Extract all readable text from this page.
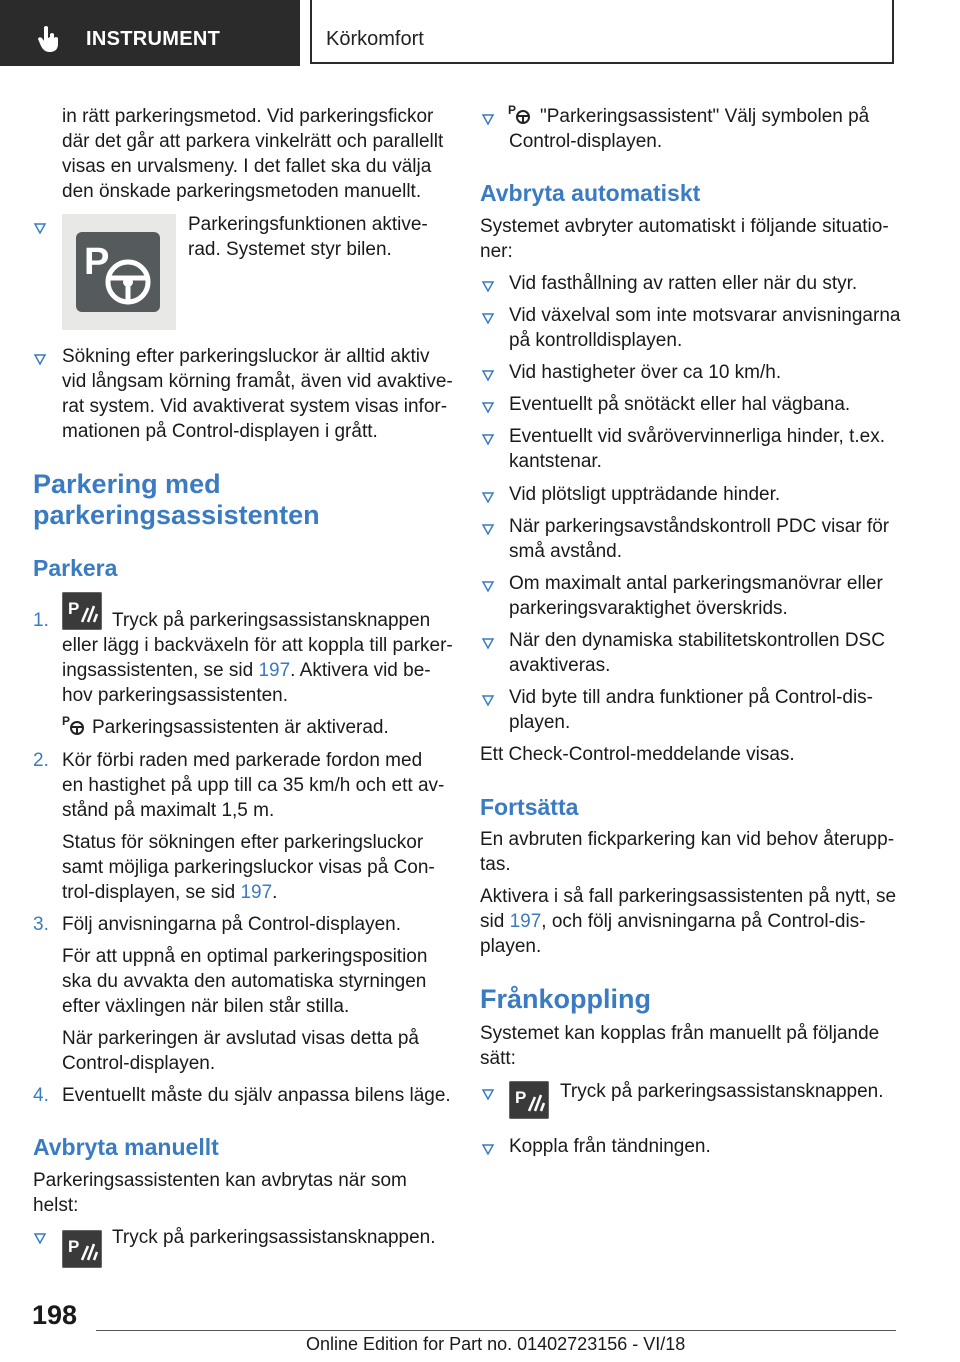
INSTRUMENT	Körkomfort
in rätt parkeringsmetod. Vid parkeringsfickor
där det går att parkera vinkelrätt och parallellt
visas en urvalsmeny. I det fallet ska du välja
den önskade parkeringsmetoden manuellt.
P
Parkeringsfunktionen aktive-
rad. Systemet styr bilen.
Sökning efter parkeringsluckor är alltid aktiv
vid långsam körning framåt, även vid avaktive-
rat system. Vid avaktiverat system visas infor-
mationen på Control-displayen i grått.
Parkering med
parkeringsassistenten
Parkera
1.
P
Tryck på parkeringsassistansknappen
eller lägg i backväxeln för att koppla till parker-
ingsassistenten, se sid 197. Aktivera vid be-
hov parkeringsassistenten.
P Parkeringsassistenten är aktiverad.
2. Kör förbi raden med parkerade fordon med
en hastighet på upp till ca 35 km/h och ett av-
stånd på maximalt 1,5 m.
Status för sökningen efter parkeringsluckor
samt möjliga parkeringsluckor visas på Con-
trol-displayen, se sid 197.
3. Följ anvisningarna på Control-displayen.
För att uppnå en optimal parkeringsposition
ska du avvakta den automatiska styrningen
efter växlingen när bilen står stilla.
När parkeringen är avslutad visas detta på
Control-displayen.
4. Eventuellt måste du själv anpassa bilens läge.
Avbryta manuellt
Parkeringsassistenten kan avbrytas när som
helst:
P Tryck på parkeringsassistansknappen.
P "Parkeringsassistent" Välj symbolen på
Control-displayen.
Avbryta automatiskt
Systemet avbryter automatiskt i följande situatio-
ner:
Vid fasthållning av ratten eller när du styr.
Vid växelval som inte motsvarar anvisningarna
på kontrolldisplayen.
Vid hastigheter över ca 10 km/h.
Eventuellt på snötäckt eller hal vägbana.
Eventuellt vid svårövervinnerliga hinder, t.ex.
kantstenar.
Vid plötsligt uppträdande hinder.
När parkeringsavståndskontroll PDC visar för
små avstånd.
Om maximalt antal parkeringsmanövrar eller
parkeringsvaraktighet överskrids.
När den dynamiska stabilitetskontrollen DSC
avaktiveras.
Vid byte till andra funktioner på Control-dis-
playen.
Ett Check-Control-meddelande visas.
Fortsätta
En avbruten fickparkering kan vid behov återupp-
tas.
Aktivera i så fall parkeringsassistenten på nytt, se
sid 197, och följ anvisningarna på Control-dis-
playen.
Frånkoppling
Systemet kan kopplas från manuellt på följande
sätt:
P Tryck på parkeringsassistansknappen.
Koppla från tändningen.
198
Online Edition for Part no. 01402723156 - VI/18
